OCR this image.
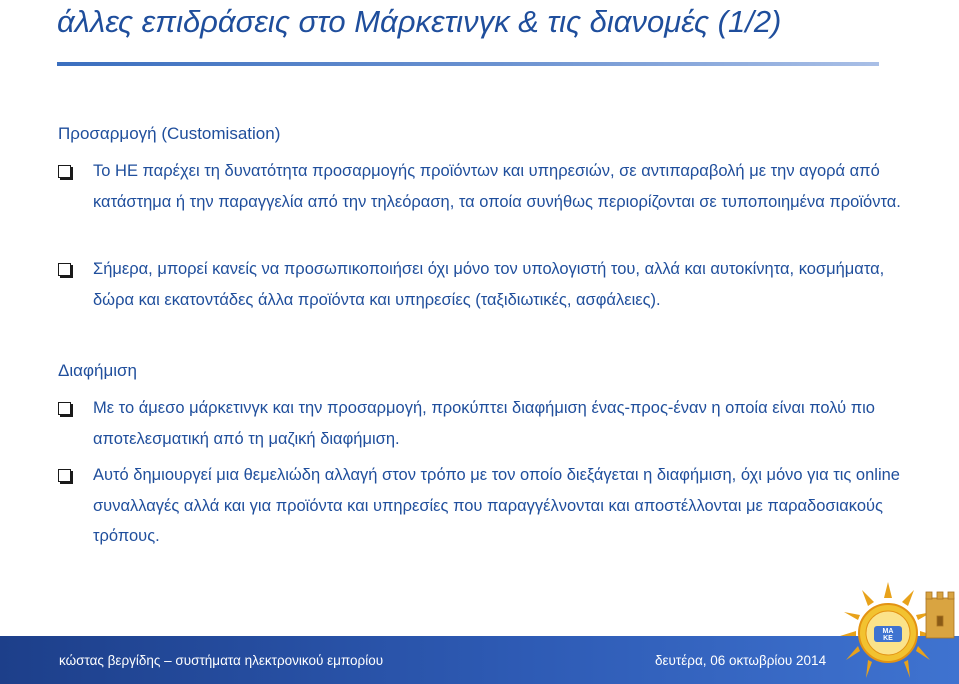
άλλες επιδράσεις στο Μάρκετινγκ & τις διανομές (1/2)
Προσαρμογή (Customisation)
Το ΗΕ παρέχει τη δυνατότητα προσαρμογής προϊόντων και υπηρεσιών, σε αντιπαραβολή με την αγορά από κατάστημα ή την παραγγελία από την τηλεόραση, τα οποία συνήθως περιορίζονται σε τυποποιημένα προϊόντα.
Σήμερα, μπορεί κανείς να προσωπικοποιήσει όχι μόνο τον υπολογιστή του, αλλά και αυτοκίνητα, κοσμήματα, δώρα και εκατοντάδες άλλα προϊόντα και υπηρεσίες (ταξιδιωτικές, ασφάλειες).
Διαφήμιση
Με το άμεσο μάρκετινγκ και την προσαρμογή, προκύπτει διαφήμιση ένας-προς-έναν η οποία είναι πολύ πιο αποτελεσματική από τη μαζική διαφήμιση.
Αυτό δημιουργεί μια θεμελιώδη αλλαγή στον τρόπο με τον οποίο διεξάγεται η διαφήμιση, όχι μόνο για τις online συναλλαγές αλλά και για προϊόντα και υπηρεσίες που παραγγέλνονται και αποστέλλονται με παραδοσιακούς τρόπους.
κώστας βεργίδης – συστήματα ηλεκτρονικού εμπορίου	δευτέρα, 06 οκτωβρίου 2014
ΜΑ
ΚΕ
